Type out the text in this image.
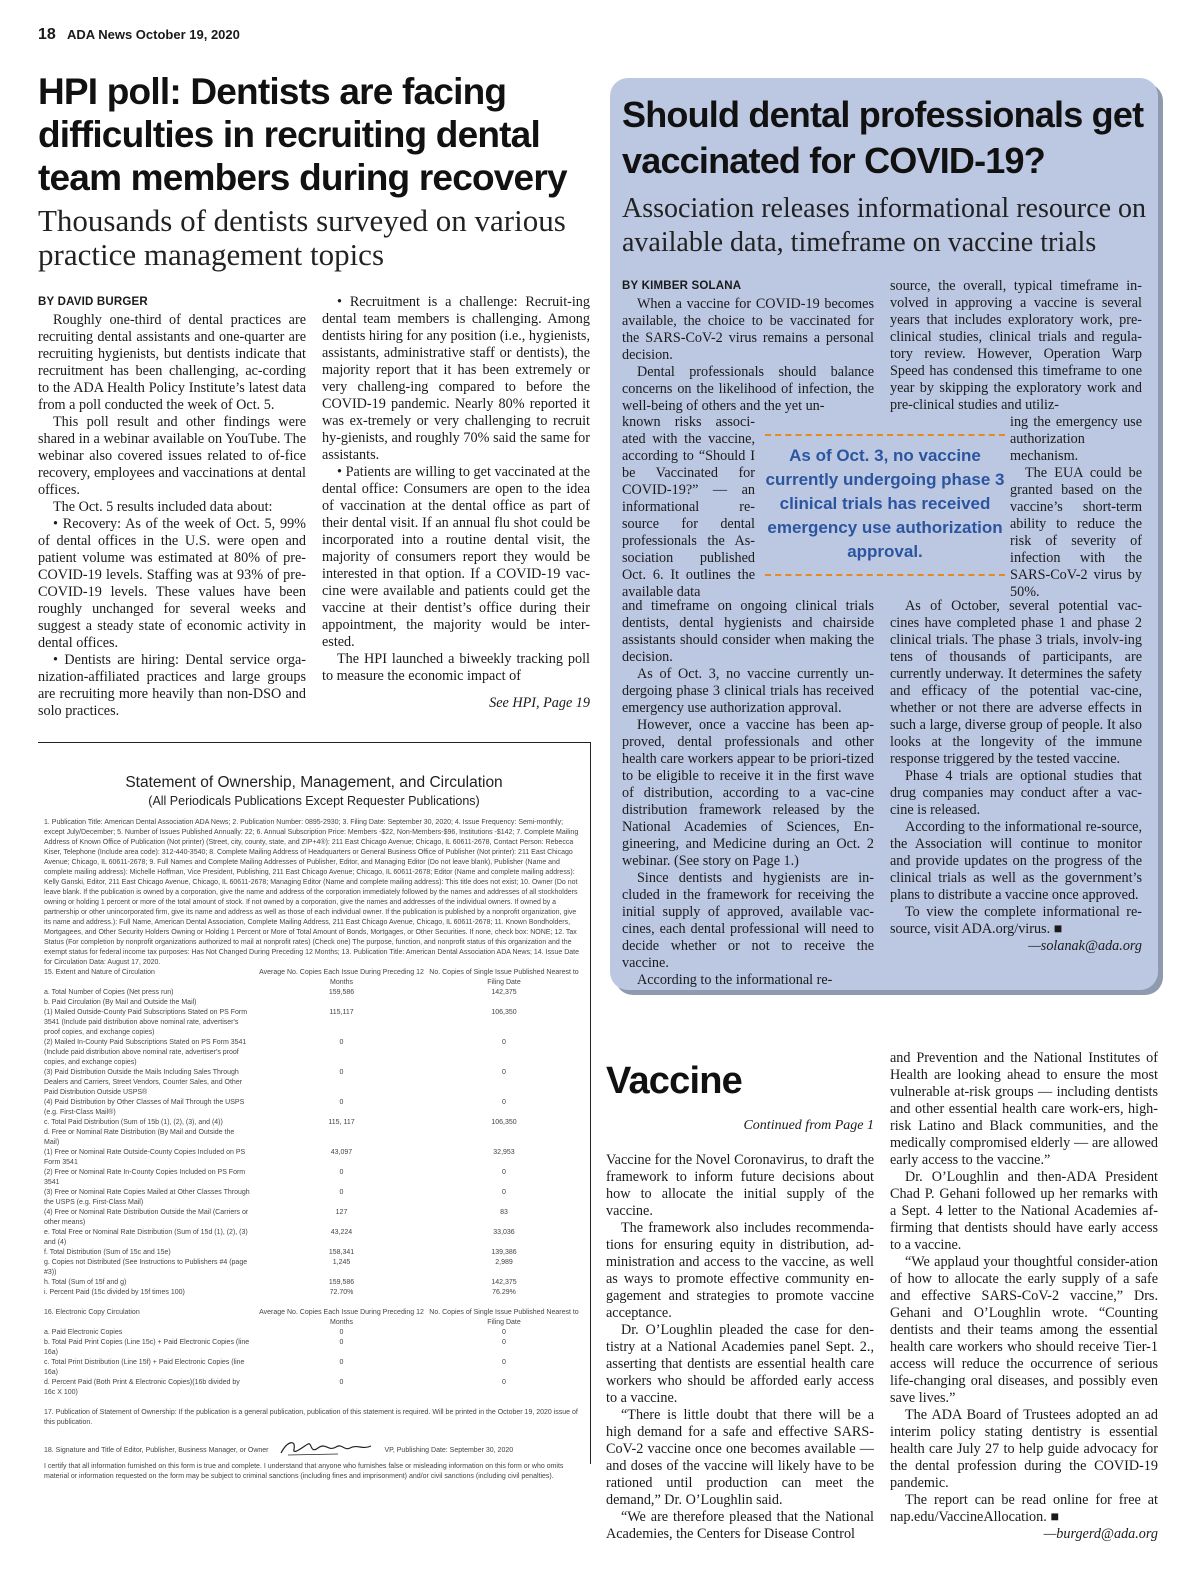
18 ADA News October 19, 2020
HPI poll: Dentists are facing difficulties in recruiting dental team members during recovery
Thousands of dentists surveyed on various practice management topics

BY DAVID BURGER

Roughly one-third of dental practices are recruiting dental assistants and one-quarter are recruiting hygienists, but dentists indicate that recruitment has been challenging, ac-cording to the ADA Health Policy Institute’s latest data from a poll conducted the week of Oct. 5.

This poll result and other findings were shared in a webinar available on YouTube. The webinar also covered issues related to of-fice recovery, employees and vaccinations at dental offices.

The Oct. 5 results included data about:

• Recovery: As of the week of Oct. 5, 99% of dental offices in the U.S. were open and patient volume was estimated at 80% of pre-COVID-19 levels. Staffing was at 93% of pre-COVID-19 levels. These values have been roughly unchanged for several weeks and suggest a steady state of economic activity in dental offices.

• Dentists are hiring: Dental service orga-nization-affiliated practices and large groups are recruiting more heavily than non-DSO and solo practices.

• Recruitment is a challenge: Recruit-ing dental team members is challenging. Among dentists hiring for any position (i.e., hygienists, assistants, administrative staff or dentists), the majority report that it has been extremely or very challeng-ing compared to before the COVID-19 pandemic. Nearly 80% reported it was ex-tremely or very challenging to recruit hy-gienists, and roughly 70% said the same for assistants.

• Patients are willing to get vaccinated at the dental office: Consumers are open to the idea of vaccination at the dental office as part of their dental visit. If an annual flu shot could be incorporated into a routine dental visit, the majority of consumers report they would be interested in that option. If a COVID-19 vac-cine were available and patients could get the vaccine at their dentist’s office during their appointment, the majority would be inter-ested.

The HPI launched a biweekly tracking poll to measure the economic impact of

See HPI, Page 19

Statement of Ownership, Management, and Circulation
(All Periodicals Publications Except Requester Publications)
1. Publication Title: American Dental Association ADA News; 2. Publication Number: 0895-2930; 3. Filing Date: September 30, 2020; 4. Issue Frequency: Semi-monthly; except July/December; 5. Number of Issues Published Annually: 22; 6. Annual Subscription Price: Members -$22, Non-Members-$96, Institutions -$142; 7. Complete Mailing Address of Known Office of Publication (Not printer) (Street, city, county, state, and ZIP+4®): 211 East Chicago Avenue; Chicago, IL 60611-2678, Contact Person: Rebecca Kiser, Telephone (Include area code): 312-440-3540; 8. Complete Mailing Address of Headquarters or General Business Office of Publisher (Not printer): 211 East Chicago Avenue; Chicago, IL 60611-2678; 9. Full Names and Complete Mailing Addresses of Publisher, Editor, and Managing Editor (Do not leave blank), Publisher (Name and complete mailing address): Michelle Hoffman, Vice President, Publishing, 211 East Chicago Avenue; Chicago, IL 60611-2678; Editor (Name and complete mailing address): Kelly Ganski, Editor, 211 East Chicago Avenue, Chicago, IL 60611-2678; Managing Editor (Name and complete mailing address): This title does not exist; 10. Owner (Do not leave blank. If the publication is owned by a corporation, give the name and address of the corporation immediately followed by the names and addresses of all stockholders owning or holding 1 percent or more of the total amount of stock. If not owned by a corporation, give the names and addresses of the individual owners. If owned by a partnership or other unincorporated firm, give its name and address as well as those of each individual owner. If the publication is published by a nonprofit organization, give its name and address.): Full Name, American Dental Association, Complete Mailing Address, 211 East Chicago Avenue, Chicago, IL 60611-2678; 11. Known Bondholders, Mortgagees, and Other Security Holders Owning or Holding 1 Percent or More of Total Amount of Bonds, Mortgages, or Other Securities. If none, check box: NONE; 12. Tax Status (For completion by nonprofit organizations authorized to mail at nonprofit rates) (Check one) The purpose, function, and nonprofit status of this organization and the exempt status for federal income tax purposes: Has Not Changed During Preceding 12 Months; 13. Publication Title: American Dental Association ADA News; 14. Issue Date for Circulation Data: August 17, 2020.
15. Extent and Nature of Circulation	Average No. Copies Each Issue During Preceding 12 Months	No. Copies of Single Issue Published Nearest to Filing Date
a. Total Number of Copies (Net press run)	159,586	142,375
b. Paid Circulation (By Mail and Outside the Mail)		
(1) Mailed Outside-County Paid Subscriptions Stated on PS Form 3541 (Include paid distribution above nominal rate, advertiser's proof copies, and exchange copies)	115,117	106,350
(2) Mailed In-County Paid Subscriptions Stated on PS Form 3541 (Include paid distribution above nominal rate, advertiser's proof copies, and exchange copies)	0	0
(3) Paid Distribution Outside the Mails Including Sales Through Dealers and Carriers, Street Vendors, Counter Sales, and Other Paid Distribution Outside USPS®	0	0
(4) Paid Distribution by Other Classes of Mail Through the USPS (e.g. First-Class Mail®)	0	0
c. Total Paid Distribution (Sum of 15b (1), (2), (3), and (4))	115, 117	106,350
d. Free or Nominal Rate Distribution (By Mail and Outside the Mail)		
(1) Free or Nominal Rate Outside-County Copies Included on PS Form 3541	43,097	32,953
(2) Free or Nominal Rate In-County Copies Included on PS Form 3541	0	0
(3) Free or Nominal Rate Copies Mailed at Other Classes Through the USPS (e.g. First-Class Mail)	0	0
(4) Free or Nominal Rate Distribution Outside the Mail (Carriers or other means)	127	83
e. Total Free or Nominal Rate Distribution (Sum of 15d (1), (2), (3) and (4)	43,224	33,036
f. Total Distribution (Sum of 15c and 15e)	158,341	139,386
g. Copies not Distributed (See Instructions to Publishers #4 (page #3))	1,245	2,989
h. Total (Sum of 15f and g)	159,586	142,375
i. Percent Paid (15c divided by 15f times 100)	72.70%	76.29%
16. Electronic Copy Circulation	Average No. Copies Each Issue During Preceding 12 Months	No. Copies of Single Issue Published Nearest to Filing Date
a. Paid Electronic Copies	0	0
b. Total Paid Print Copies (Line 15c) + Paid Electronic Copies (line 16a)	0	0
c. Total Print Distribution (Line 15f) + Paid Electronic Copies (line 16a)	0	0
d. Percent Paid (Both Print & Electronic Copies)(16b divided by 16c X 100)	0	0
17. Publication of Statement of Ownership: If the publication is a general publication, publication of this statement is required. Will be printed in the October 19, 2020 issue of this publication.
18. Signature and Title of Editor, Publisher, Business Manager, or Owner	VP, Publishing Date: September 30, 2020
I certify that all information furnished on this form is true and complete. I understand that anyone who furnishes false or misleading information on this form or who omits material or information requested on the form may be subject to criminal sanctions (including fines and imprisonment) and/or civil sanctions (including civil penalties).
Should dental professionals get vaccinated for COVID-19?
Association releases informational resource on available data, timeframe on vaccine trials

BY KIMBER SOLANA

When a vaccine for COVID-19 becomes available, the choice to be vaccinated for the SARS-CoV-2 virus remains a personal decision.

Dental professionals should balance concerns on the likelihood of infection, the well-being of others and the yet un-

known risks associ-ated with the vaccine, according to “Should I be Vaccinated for COVID-19?” — an informational re-source for dental professionals the As-sociation published Oct. 6. It outlines the available data

and timeframe on ongoing clinical trials dentists, dental hygienists and chairside assistants should consider when making the decision.

As of Oct. 3, no vaccine currently un-dergoing phase 3 clinical trials has received emergency use authorization approval.

However, once a vaccine has been ap-proved, dental professionals and other health care workers appear to be priori-tized to be eligible to receive it in the first wave of distribution, according to a vac-cine distribution framework released by the National Academies of Sciences, En-gineering, and Medicine during an Oct. 2 webinar. (See story on Page 1.)

Since dentists and hygienists are in-cluded in the framework for receiving the initial supply of approved, available vac-cines, each dental professional will need to decide whether or not to receive the vaccine.

According to the informational re-

As of Oct. 3, no vaccine currently undergoing phase 3 clinical trials has received emergency use authorization approval.

source, the overall, typical timeframe in-volved in approving a vaccine is several years that includes exploratory work, pre-clinical studies, clinical trials and regula-tory review. However, Operation Warp Speed has condensed this timeframe to one year by skipping the exploratory work and pre-clinical studies and utiliz-

ing the emergency use authorization mechanism.

The EUA could be granted based on the vaccine’s short-term ability to reduce the risk of severity of infection with the SARS-CoV-2 virus by 50%.

As of October, several potential vac-cines have completed phase 1 and phase 2 clinical trials. The phase 3 trials, involv-ing tens of thousands of participants, are currently underway. It determines the safety and efficacy of the potential vac-cine, whether or not there are adverse effects in such a large, diverse group of people. It also looks at the longevity of the immune response triggered by the tested vaccine.

Phase 4 trials are optional studies that drug companies may conduct after a vac-cine is released.

According to the informational re-source, the Association will continue to monitor and provide updates on the progress of the clinical trials as well as the government’s plans to distribute a vaccine once approved.

To view the complete informational re-source, visit ADA.org/virus. ■

—solanak@ada.org

Vaccine
Continued from Page 1

Vaccine for the Novel Coronavirus, to draft the framework to inform future decisions about how to allocate the initial supply of the vaccine.

The framework also includes recommenda-tions for ensuring equity in distribution, ad-ministration and access to the vaccine, as well as ways to promote effective community en-gagement and strategies to promote vaccine acceptance.

Dr. O’Loughlin pleaded the case for den-tistry at a National Academies panel Sept. 2., asserting that dentists are essential health care workers who should be afforded early access to a vaccine.

“There is little doubt that there will be a high demand for a safe and effective SARS-CoV-2 vaccine once one becomes available — and doses of the vaccine will likely have to be rationed until production can meet the demand,” Dr. O’Loughlin said.

“We are therefore pleased that the National Academies, the Centers for Disease Control

and Prevention and the National Institutes of Health are looking ahead to ensure the most vulnerable at-risk groups — including dentists and other essential health care work-ers, high-risk Latino and Black communities, and the medically compromised elderly — are allowed early access to the vaccine.”

Dr. O’Loughlin and then-ADA President Chad P. Gehani followed up her remarks with a Sept. 4 letter to the National Academies af-firming that dentists should have early access to a vaccine.

“We applaud your thoughtful consider-ation of how to allocate the early supply of a safe and effective SARS-CoV-2 vaccine,” Drs. Gehani and O’Loughlin wrote. “Counting dentists and their teams among the essential health care workers who should receive Tier-1 access will reduce the occurrence of serious life-changing oral diseases, and possibly even save lives.”

The ADA Board of Trustees adopted an ad interim policy stating dentistry is essential health care July 27 to help guide advocacy for the dental profession during the COVID-19 pandemic.

The report can be read online for free at nap.edu/VaccineAllocation. ■

—burgerd@ada.org
